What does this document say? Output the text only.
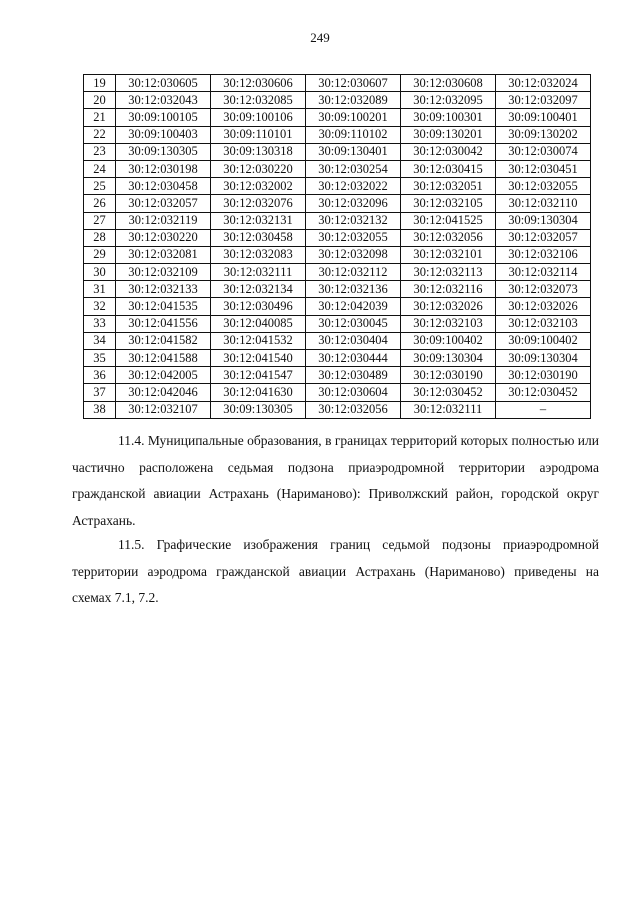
249
19	30:12:030605	30:12:030606	30:12:030607	30:12:030608	30:12:032024
20	30:12:032043	30:12:032085	30:12:032089	30:12:032095	30:12:032097
21	30:09:100105	30:09:100106	30:09:100201	30:09:100301	30:09:100401
22	30:09:100403	30:09:110101	30:09:110102	30:09:130201	30:09:130202
23	30:09:130305	30:09:130318	30:09:130401	30:12:030042	30:12:030074
24	30:12:030198	30:12:030220	30:12:030254	30:12:030415	30:12:030451
25	30:12:030458	30:12:032002	30:12:032022	30:12:032051	30:12:032055
26	30:12:032057	30:12:032076	30:12:032096	30:12:032105	30:12:032110
27	30:12:032119	30:12:032131	30:12:032132	30:12:041525	30:09:130304
28	30:12:030220	30:12:030458	30:12:032055	30:12:032056	30:12:032057
29	30:12:032081	30:12:032083	30:12:032098	30:12:032101	30:12:032106
30	30:12:032109	30:12:032111	30:12:032112	30:12:032113	30:12:032114
31	30:12:032133	30:12:032134	30:12:032136	30:12:032116	30:12:032073
32	30:12:041535	30:12:030496	30:12:042039	30:12:032026	30:12:032026
33	30:12:041556	30:12:040085	30:12:030045	30:12:032103	30:12:032103
34	30:12:041582	30:12:041532	30:12:030404	30:09:100402	30:09:100402
35	30:12:041588	30:12:041540	30:12:030444	30:09:130304	30:09:130304
36	30:12:042005	30:12:041547	30:12:030489	30:12:030190	30:12:030190
37	30:12:042046	30:12:041630	30:12:030604	30:12:030452	30:12:030452
38	30:12:032107	30:09:130305	30:12:032056	30:12:032111	–

11.4. Муниципальные образования, в границах территорий которых полностью или частично расположена седьмая подзона приаэродромной территории аэродрома гражданской авиации Астрахань (Нариманово): Приволжский район, городской округ Астрахань.

11.5. Графические изображения границ седьмой подзоны приаэродромной территории аэродрома гражданской авиации Астрахань (Нариманово) приведены на схемах 7.1, 7.2.
